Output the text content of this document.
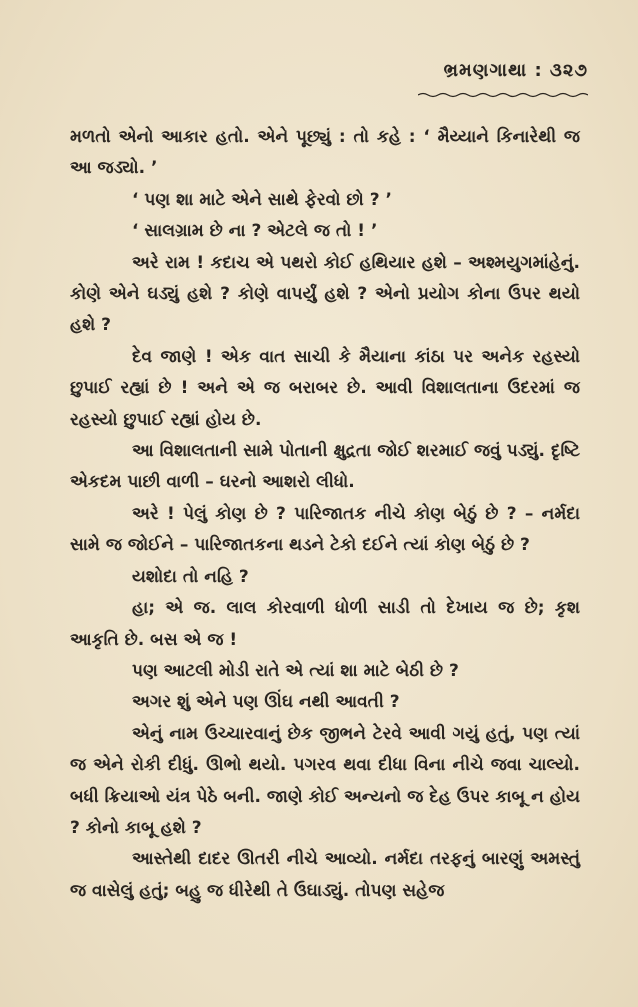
ભ્રમણગાથા : ૩૨૭

મળતો એનો આકાર હતો. એને પૂછ્યું : તો કહે : ‘ મૈય્યાને કિનારેથી જ આ જડ્યો. ’

‘ પણ શા માટે એને સાથે ફેરવો છો ? ’

‘ સાલગ્રામ છે ના ? એટલે જ તો ! ’

અરે રામ ! કદાચ એ પથરો કોઈ હથિયાર હશે – અશ્મયુગમાંહેનું. કોણે એને ઘડ્યું હશે ? કોણે વાપર્યું હશે ? એનો પ્રયોગ કોના ઉપર થયો હશે ?

દેવ જાણે ! એક વાત સાચી કે મૈયાના કાંઠા પર અનેક રહસ્યો છુપાઈ રહ્યાં છે ! અને એ જ બરાબર છે. આવી વિશાલતાના ઉદરમાં જ રહસ્યો છુપાઈ રહ્યાં હોય છે.

આ વિશાલતાની સામે પોતાની ક્ષુદ્રતા જોઈ શરમાઈ જવું પડ્યું. દૃષ્ટિ એકદમ પાછી વાળી – ઘરનો આશરો લીધો.

અરે ! પેલું કોણ છે ? પારિજાતક નીચે કોણ બેઠું છે ? – નર્મદા સામે જ જોઈને – પારિજાતકના થડને ટેકો દઈને ત્યાં કોણ બેઠું છે ?

યશોદા તો નહિ ?

હા; એ જ. લાલ કોરવાળી ધોળી સાડી તો દેખાય જ છે; કૃશ આકૃતિ છે. બસ એ જ !

પણ આટલી મોડી રાતે એ ત્યાં શા માટે બેઠી છે ?

અગર શું એને પણ ઊંઘ નથી આવતી ?

એનું નામ ઉચ્ચારવાનું છેક જીભને ટેરવે આવી ગયું હતું, પણ ત્યાં જ એને રોકી દીધું. ઊભો થયો. પગરવ થવા દીધા વિના નીચે જવા ચાલ્યો. બધી ક્રિયાઓ યંત્ર પેઠે બની. જાણે કોઈ અન્યનો જ દેહ ઉપર કાબૂ ન હોય ? કોનો કાબૂ હશે ?

આસ્તેથી દાદર ઊતરી નીચે આવ્યો. નર્મદા તરફનું બારણું અમસ્તું જ વાસેલું હતું; બહુ જ ધીરેથી તે ઉઘાડ્યું. તોપણ સહેજ
